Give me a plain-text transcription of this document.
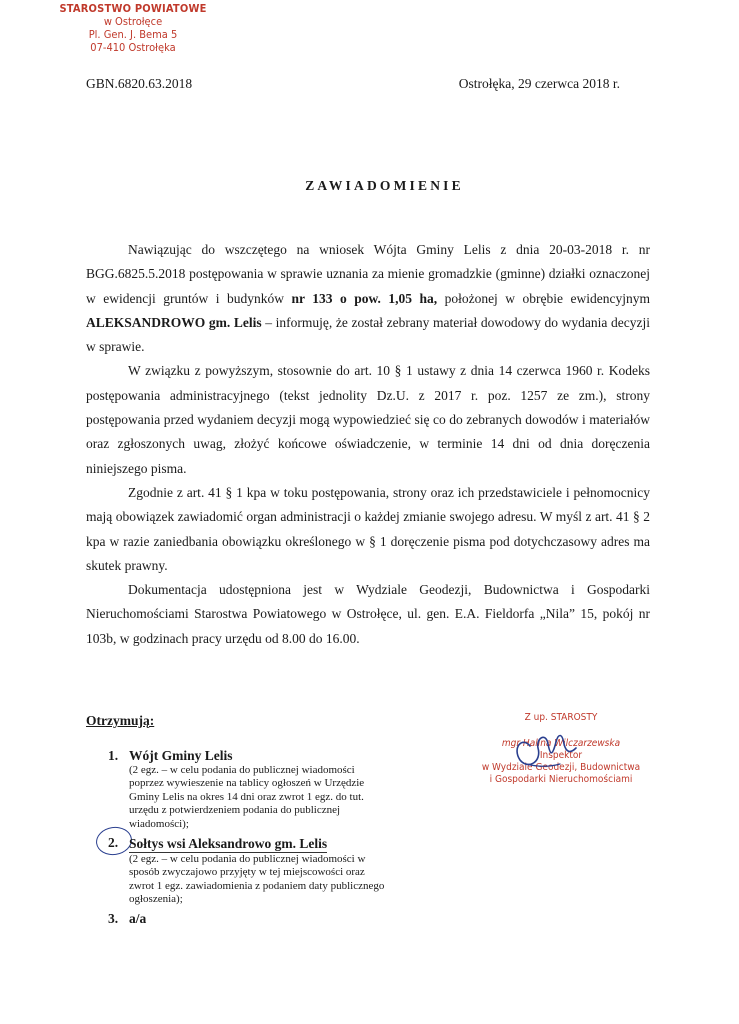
STAROSTWO POWIATOWE
w Ostrołęce
Pl. Gen. J. Bema 5
07-410 Ostrołęka
GBN.6820.63.2018	Ostrołęka, 29 czerwca 2018 r.
ZAWIADOMIENIE

Nawiązując do wszczętego na wniosek Wójta Gminy Lelis z dnia 20-03-2018 r. nr BGG.6825.5.2018 postępowania w sprawie uznania za mienie gromadzkie (gminne) działki oznaczonej w ewidencji gruntów i budynków nr 133 o pow. 1,05 ha, położonej w obrębie ewidencyjnym ALEKSANDROWO gm. Lelis – informuję, że został zebrany materiał dowodowy do wydania decyzji w sprawie.

W związku z powyższym, stosownie do art. 10 § 1 ustawy z dnia 14 czerwca 1960 r. Kodeks postępowania administracyjnego (tekst jednolity Dz.U. z 2017 r. poz. 1257 ze zm.), strony postępowania przed wydaniem decyzji mogą wypowiedzieć się co do zebranych dowodów i materiałów oraz zgłoszonych uwag, złożyć końcowe oświadczenie, w terminie 14 dni od dnia doręczenia niniejszego pisma.

Zgodnie z art. 41 § 1 kpa w toku postępowania, strony oraz ich przedstawiciele i pełnomocnicy mają obowiązek zawiadomić organ administracji o każdej zmianie swojego adresu. W myśl z art. 41 § 2 kpa w razie zaniedbania obowiązku określonego w § 1 doręczenie pisma pod dotychczasowy adres ma skutek prawny.

Dokumentacja udostępniona jest w Wydziale Geodezji, Budownictwa i Gospodarki Nieruchomościami Starostwa Powiatowego w Ostrołęce, ul. gen. E.A. Fieldorfa „Nila” 15, pokój nr 103b, w godzinach pracy urzędu od 8.00 do 16.00.

Otrzymują:
1. Wójt Gminy Lelis
(2 egz. – w celu podania do publicznej wiadomości poprzez wywieszenie na tablicy ogłoszeń w Urzędzie Gminy Lelis na okres 14 dni oraz zwrot 1 egz. do tut. urzędu z potwierdzeniem podania do publicznej wiadomości);
2. Sołtys wsi Aleksandrowo gm. Lelis
(2 egz. – w celu podania do publicznej wiadomości w sposób zwyczajowo przyjęty w tej miejscowości oraz zwrot 1 egz. zawiadomienia z podaniem daty publicznego ogłoszenia);
3. a/a
Z up. STAROSTY
mgr Halina Wilczarzewska
Inspektor
w Wydziale Geodezji, Budownictwa
i Gospodarki Nieruchomościami
